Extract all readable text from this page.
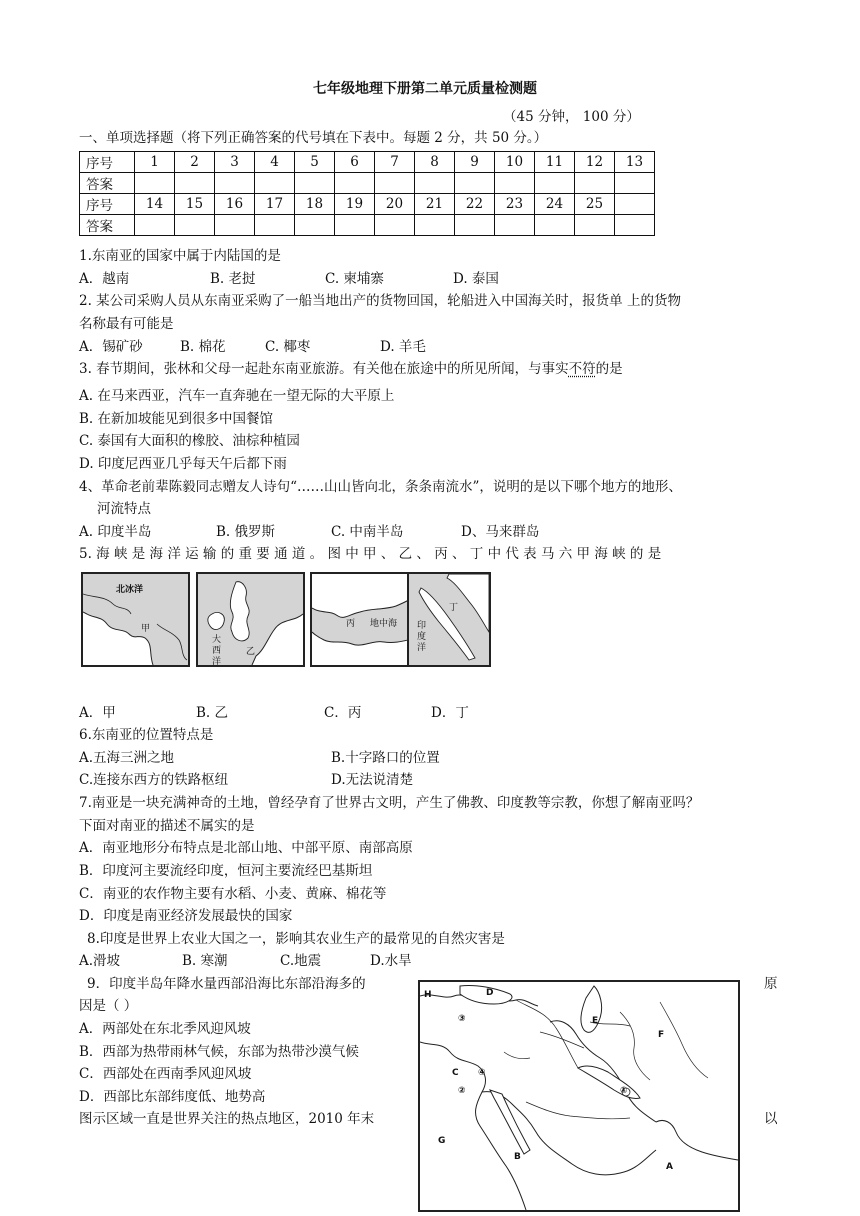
七年级地理下册第二单元质量检测题
（45 分钟， 100 分）
一、单项选择题（将下列正确答案的代号填在下表中。每题 2 分，共 50 分。）
序号	1	2	3	4	5	6	7	8	9	10	11	12	13
答案													
序号	14	15	16	17	18	19	20	21	22	23	24	25	
答案													
1.东南亚的国家中属于内陆国的是
A．越南	B. 老挝	C. 柬埔寨	D. 泰国
2. 某公司采购人员从东南亚采购了一船当地出产的货物回国，轮船进入中国海关时，报货单 上的货物
名称最有可能是
A．锡矿砂	B. 棉花	C. 椰枣	D. 羊毛
3. 春节期间，张林和父母一起赴东南亚旅游。有关他在旅途中的所见所闻，与事实不符的是
A. 在马来西亚，汽车一直奔驰在一望无际的大平原上
B. 在新加坡能见到很多中国餐馆
C. 泰国有大面积的橡胶、油棕种植园
D. 印度尼西亚几乎每天午后都下雨
4、革命老前辈陈毅同志赠友人诗句“……山山皆向北，条条南流水”，说明的是以下哪个地方的地形、
河流特点
A. 印度半岛	B. 俄罗斯	C. 中南半岛	D、马来群岛
5. 海 峡 是 海 洋 运 输 的 重 要 通 道 。 图 中 甲 、 乙 、 丙 、 丁 中 代 表 马 六 甲 海 峡 的 是
北冰洋
甲
大
西
洋
乙
丙 地中海 印
度
洋
丁
A．甲	B. 乙	C．丙	D．丁
6.东南亚的位置特点是
A.五海三洲之地	B.十字路口的位置
C.连接东西方的铁路枢纽	D.无法说清楚
7.南亚是一块充满神奇的土地，曾经孕育了世界古文明，产生了佛教、印度教等宗教，你想了解南亚吗？
下面对南亚的描述不属实的是
A．南亚地形分布特点是北部山地、中部平原、南部高原
B．印度河主要流经印度，恒河主要流经巴基斯坦
C．南亚的农作物主要有水稻、小麦、黄麻、棉花等
D．印度是南亚经济发展最快的国家
8.印度是世界上农业大国之一，影响其农业生产的最常见的自然灾害是
A.滑坡	B. 寒潮	C.地震	D.水旱
9．印度半岛年降水量西部沿海比东部沿海多的	原
因是（ ）
A．两部处在东北季风迎风坡
B．西部为热带雨林气候，东部为热带沙漠气候
C．西部处在西南季风迎风坡
D．西部比东部纬度低、地势高
图示区域一直是世界关注的热点地区，2010 年末	以
H	D
E
F
C
B
G
A
③
④
②	①
